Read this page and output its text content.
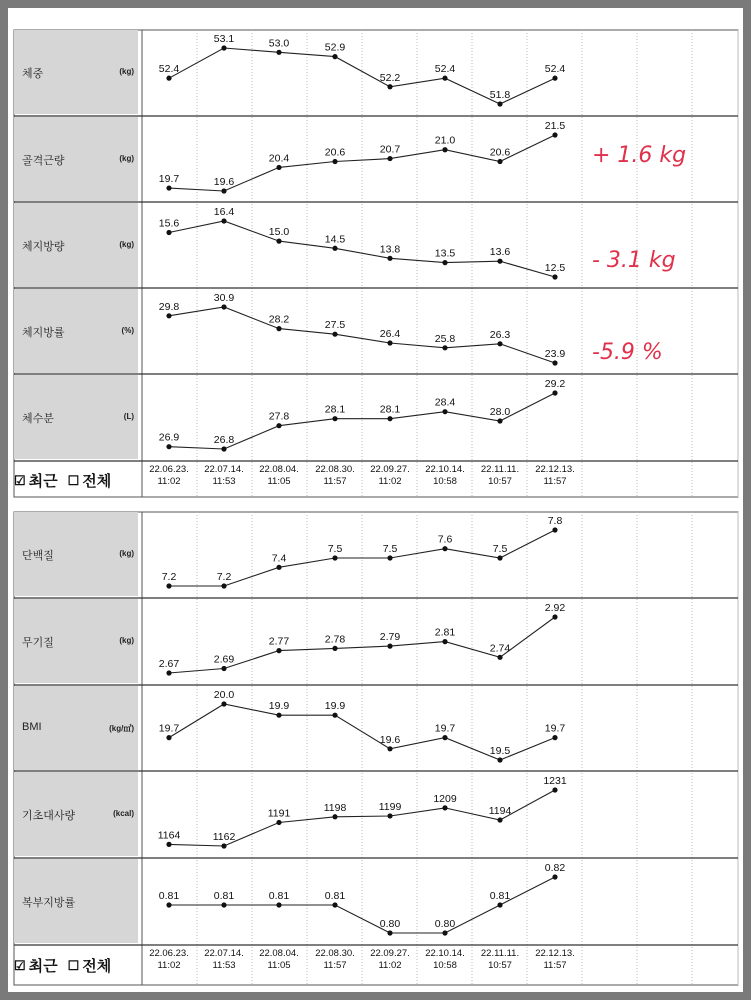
52.4
53.1	53.0	52.9
52.2
52.4
51.8
52.4
19.7	19.6
20.4	20.6	20.7
21.0
20.6
21.5
15.6
16.4
15.0
14.5
13.8	13.5	13.6
12.5
29.8
30.9
28.2	27.5
26.4	25.8	26.3
23.9
26.9	26.8
27.8
28.1	28.1
28.4
28.0
29.2
7.2	7.2
7.4
7.5	7.5
7.6
7.5
7.8
2.67	2.69
2.77	2.78	2.79	2.81
2.74
2.92
19.7
20.0
19.9	19.9
19.6
19.7
19.5
19.7
1164	1162
1191	1198	1199
1209
1194
1231
0.81	0.81	0.81	0.81
0.80	0.80
0.81
0.82
☑ 최근 ☐ 전체
☑ 최근 ☐ 전체
체중	(kg)
골격근량	(kg)
체지방량	(kg)
체지방률	(%)
체수분	(L)
단백질	(kg)
무기질	(kg)
BMI	(kg/㎡)
기초대사량	(kcal)
복부지방률
22.06.23.
11:02
22.07.14.
11:53
22.08.04.
11:05
22.08.30.
11:57
22.09.27.
11:02
22.10.14.
10:58
22.11.11.
10:57
22.12.13.
11:57
22.06.23.
11:02
22.07.14.
11:53
22.08.04.
11:05
22.08.30.
11:57
22.09.27.
11:02
22.10.14.
10:58
22.11.11.
10:57
22.12.13.
11:57
+ 1.6 kg
- 3.1 kg
-5.9 %
